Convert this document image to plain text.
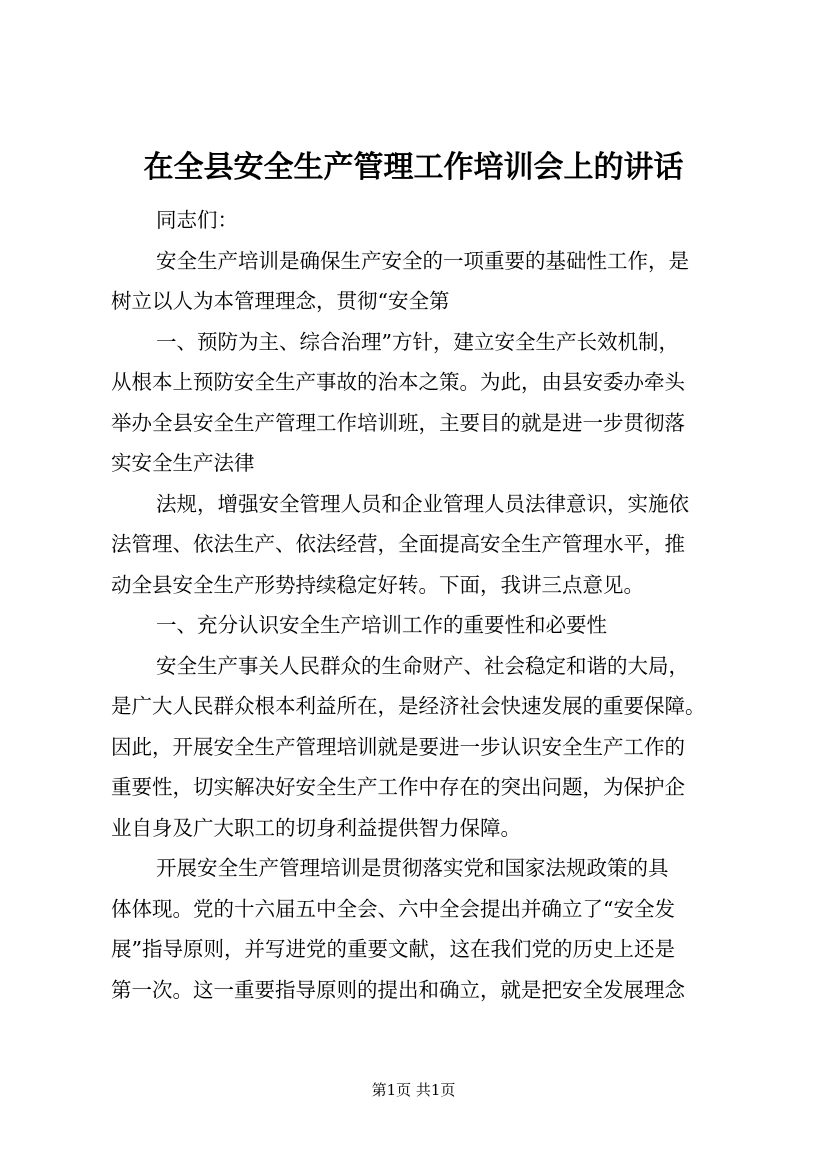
在全县安全生产管理工作培训会上的讲话
同志们：
安全生产培训是确保生产安全的一项重要的基础性工作，是
树立以人为本管理理念，贯彻“安全第
一、预防为主、综合治理”方针，建立安全生产长效机制，
从根本上预防安全生产事故的治本之策。为此，由县安委办牵头
举办全县安全生产管理工作培训班，主要目的就是进一步贯彻落
实安全生产法律
法规，增强安全管理人员和企业管理人员法律意识，实施依
法管理、依法生产、依法经营，全面提高安全生产管理水平，推
动全县安全生产形势持续稳定好转。下面，我讲三点意见。
一、充分认识安全生产培训工作的重要性和必要性
安全生产事关人民群众的生命财产、社会稳定和谐的大局，
是广大人民群众根本利益所在，是经济社会快速发展的重要保障。
因此，开展安全生产管理培训就是要进一步认识安全生产工作的
重要性，切实解决好安全生产工作中存在的突出问题，为保护企
业自身及广大职工的切身利益提供智力保障。
开展安全生产管理培训是贯彻落实党和国家法规政策的具
体体现。党的十六届五中全会、六中全会提出并确立了“安全发
展”指导原则，并写进党的重要文献，这在我们党的历史上还是
第一次。这一重要指导原则的提出和确立，就是把安全发展理念
第1页 共1页
